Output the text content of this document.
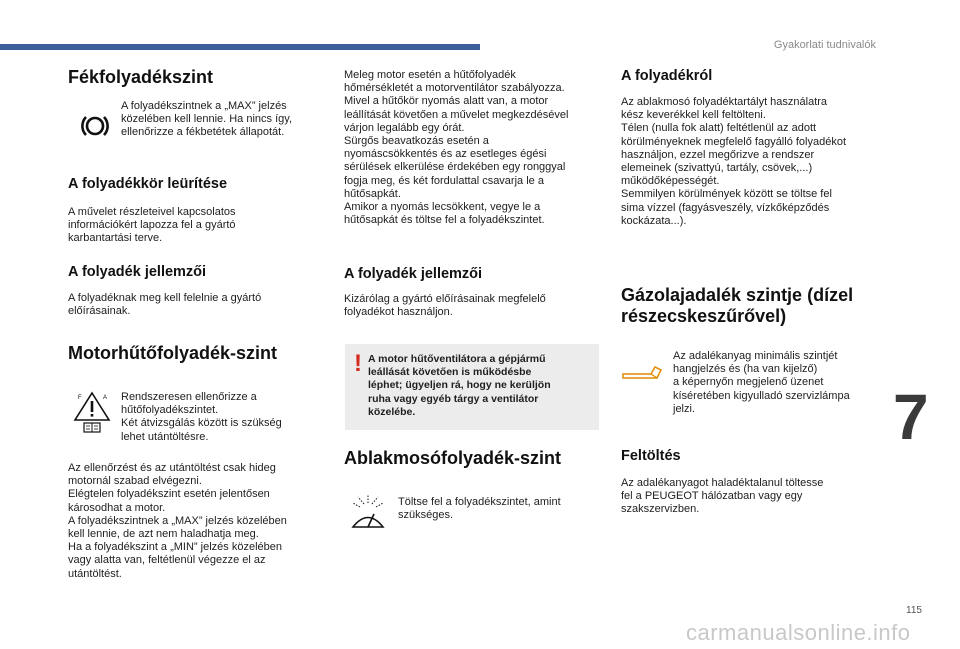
Gyakorlati tudnivalók
Fékfolyadékszint

A folyadékszintnek a „MAX” jelzés
közelében kell lennie. Ha nincs így,
ellenőrizze a fékbetétek állapotát.

A folyadékkör leürítése

A művelet részleteivel kapcsolatos
információkért lapozza fel a gyártó
karbantartási terve.

A folyadék jellemzői

A folyadéknak meg kell felelnie a gyártó
előírásainak.

Motorhűtőfolyadék-szint
F	A Rendszeresen ellenőrizze a
hűtőfolyadékszintet.
Két átvizsgálás között is szükség
lehet utántöltésre.

Az ellenőrzést és az utántöltést csak hideg
motornál szabad elvégezni.
Elégtelen folyadékszint esetén jelentősen
károsodhat a motor.
A folyadékszintnek a „MAX” jelzés közelében
kell lennie, de azt nem haladhatja meg.
Ha a folyadékszint a „MIN” jelzés közelében
vagy alatta van, feltétlenül végezze el az
utántöltést.

Meleg motor esetén a hűtőfolyadék
hőmérsékletét a motorventilátor szabályozza.
Mivel a hűtőkör nyomás alatt van, a motor
leállítását követően a művelet megkezdésével
várjon legalább egy órát.
Sürgős beavatkozás esetén a
nyomáscsökkentés és az esetleges égési
sérülések elkerülése érdekében egy ronggyal
fogja meg, és két fordulattal csavarja le a
hűtősapkát.
Amikor a nyomás lecsökkent, vegye le a
hűtősapkát és töltse fel a folyadékszintet.

A folyadék jellemzői

Kizárólag a gyártó előírásainak megfelelő
folyadékot használjon.

! A motor hűtőventilátora a gépjármű
leállását követően is működésbe
léphet; ügyeljen rá, hogy ne kerüljön
ruha vagy egyéb tárgy a ventilátor
közelébe.

Ablakmosófolyadék-szint

Töltse fel a folyadékszintet, amint
szükséges.

A folyadékról

Az ablakmosó folyadéktartályt használatra
kész keverékkel kell feltölteni.
Télen (nulla fok alatt) feltétlenül az adott
körülményeknek megfelelő fagyálló folyadékot
használjon, ezzel megőrizve a rendszer
elemeinek (szivattyú, tartály, csövek,...)
működőképességét.
Semmilyen körülmények között se töltse fel
sima vízzel (fagyásveszély, vízkőképződés
kockázata...).

Gázolajadalék szintje (dízel
részecskeszűrővel)

Az adalékanyag minimális szintjét
hangjelzés és (ha van kijelző)
a képernyőn megjelenő üzenet
kíséretében kigyulladó szervizlámpa
jelzi.

Feltöltés

Az adalékanyagot haladéktalanul töltesse
fel a PEUGEOT hálózatban vagy egy
szakszervizben.

7
115
carmanualsonline.info
